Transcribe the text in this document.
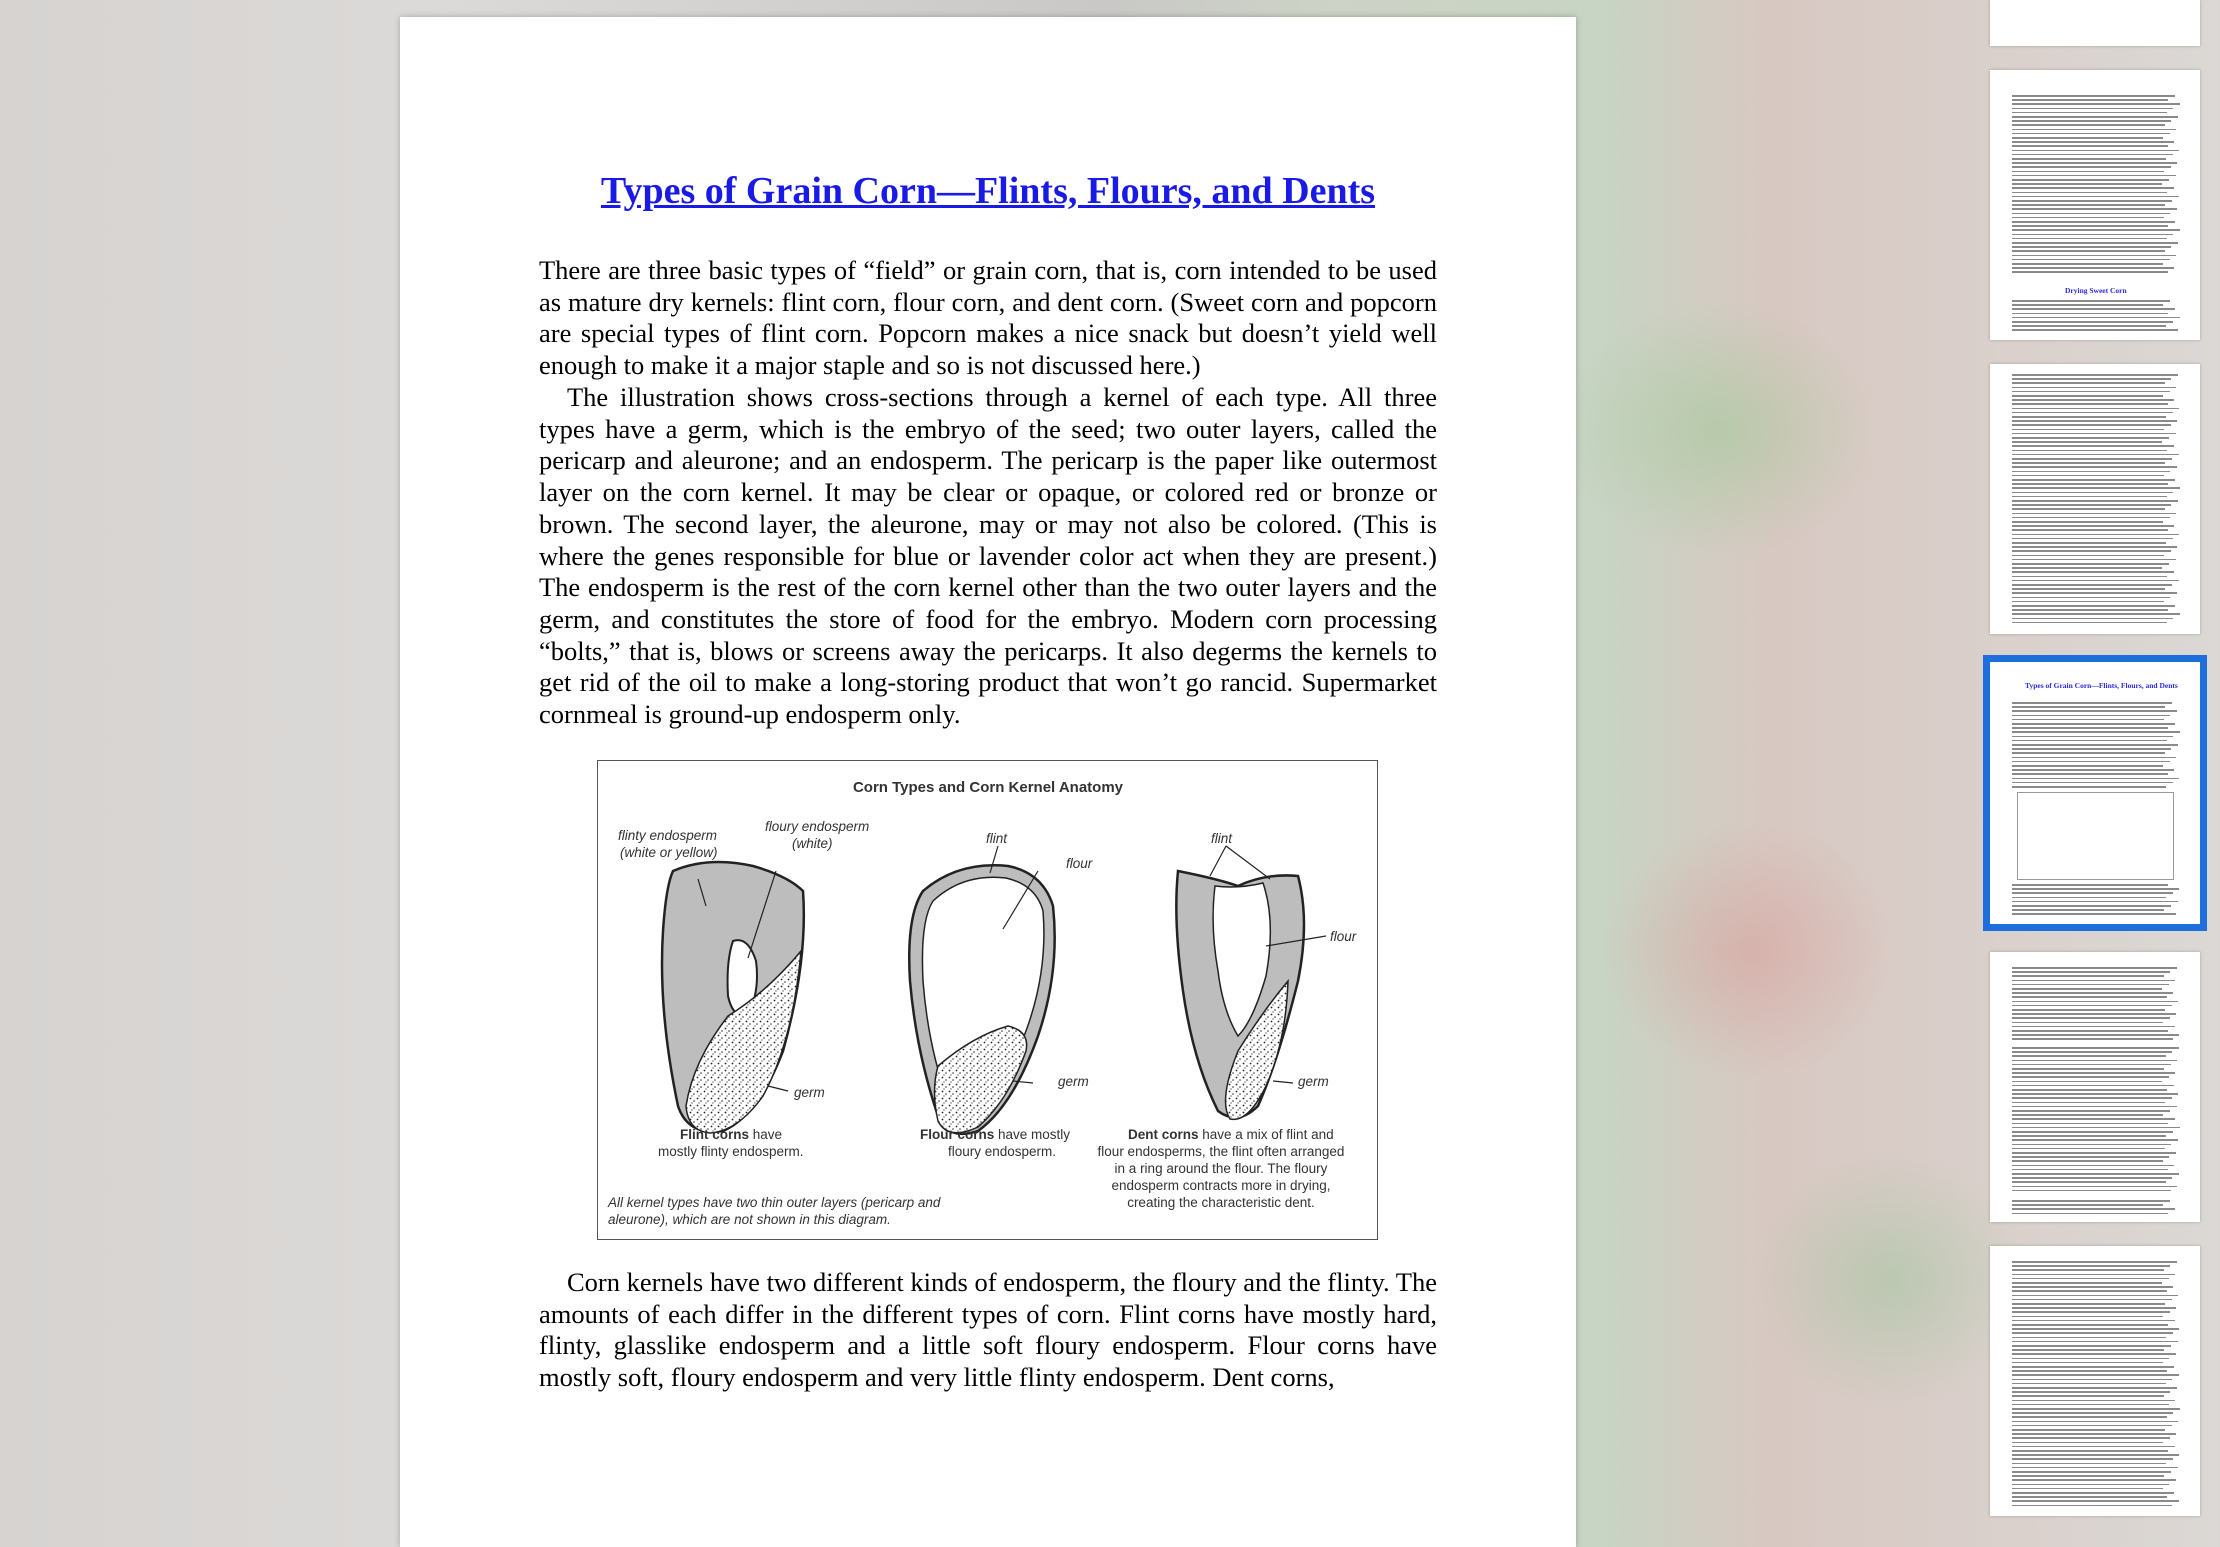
Types of Grain Corn—Flints, Flours, and Dents

There are three basic types of “field” or grain corn, that is, corn intended to be used as mature dry kernels: flint corn, flour corn, and dent corn. (Sweet corn and popcorn are special types of flint corn. Popcorn makes a nice snack but doesn’t yield well enough to make it a major staple and so is not discussed here.)

The illustration shows cross-sections through a kernel of each type. All three types have a germ, which is the embryo of the seed; two outer layers, called the pericarp and aleurone; and an endosperm. The pericarp is the paper like outermost layer on the corn kernel. It may be clear or opaque, or colored red or bronze or brown. The second layer, the aleurone, may or may not also be colored. (This is where the genes responsible for blue or lavender color act when they are present.) The endosperm is the rest of the corn kernel other than the two outer layers and the germ, and constitutes the store of food for the embryo. Modern corn processing “bolts,” that is, blows or screens away the pericarps. It also degerms the kernels to get rid of the oil to make a long-storing product that won’t go rancid. Supermarket cornmeal is ground-up endosperm only.

Corn Types and Corn Kernel Anatomy
flinty endosperm
(white or yellow)
floury endosperm
(white)
germ
Flint corns have
mostly flinty endosperm.
flint
flour
germ
Flour corns have mostly
floury endosperm.
flint
flour
germ
Dent corns have a mix of flint and
flour endosperms, the flint often arranged
in a ring around the flour. The floury
endosperm contracts more in drying,
creating the characteristic dent.
All kernel types have two thin outer layers (pericarp and
aleurone), which are not shown in this diagram.

Corn kernels have two different kinds of endosperm, the floury and the flinty. The amounts of each differ in the different types of corn. Flint corns have mostly hard, flinty, glasslike endosperm and a little soft floury endosperm. Flour corns have mostly soft, floury endosperm and very little flinty endosperm. Dent corns,

Drying Sweet Corn
Types of Grain Corn—Flints, Flours, and Dents
